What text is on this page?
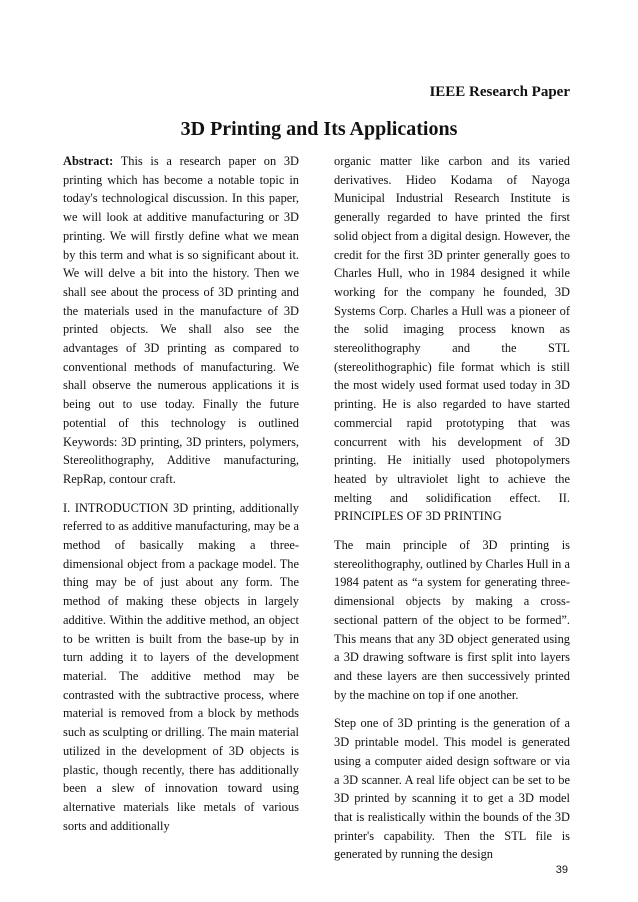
IEEE Research Paper
3D Printing and Its Applications

Abstract: This is a research paper on 3D printing which has become a notable topic in today's technological discussion. In this paper, we will look at additive manufacturing or 3D printing. We will firstly define what we mean by this term and what is so significant about it. We will delve a bit into the history. Then we shall see about the process of 3D printing and the materials used in the manufacture of 3D printed objects. We shall also see the advantages of 3D printing as compared to conventional methods of manufacturing. We shall observe the numerous applications it is being out to use today. Finally the future potential of this technology is outlined Keywords: 3D printing, 3D printers, polymers, Stereolithography, Additive manufacturing, RepRap, contour craft.

I. INTRODUCTION 3D printing, additionally referred to as additive manufacturing, may be a method of basically making a three-dimensional object from a package model. The thing may be of just about any form. The method of making these objects in largely additive. Within the additive method, an object to be written is built from the base-up by in turn adding it to layers of the development material. The additive method may be contrasted with the subtractive process, where material is removed from a block by methods such as sculpting or drilling. The main material utilized in the development of 3D objects is plastic, though recently, there has additionally been a slew of innovation toward using alternative materials like metals of various sorts and additionally

organic matter like carbon and its varied derivatives. Hideo Kodama of Nayoga Municipal Industrial Research Institute is generally regarded to have printed the first solid object from a digital design. However, the credit for the first 3D printer generally goes to Charles Hull, who in 1984 designed it while working for the company he founded, 3D Systems Corp. Charles a Hull was a pioneer of the solid imaging process known as stereolithography and the STL (stereolithographic) file format which is still the most widely used format used today in 3D printing. He is also regarded to have started commercial rapid prototyping that was concurrent with his development of 3D printing. He initially used photopolymers heated by ultraviolet light to achieve the melting and solidification effect. II. PRINCIPLES OF 3D PRINTING

The main principle of 3D printing is stereolithography, outlined by Charles Hull in a 1984 patent as “a system for generating three-dimensional objects by making a cross-sectional pattern of the object to be formed”. This means that any 3D object generated using a 3D drawing software is first split into layers and these layers are then successively printed by the machine on top if one another.

Step one of 3D printing is the generation of a 3D printable model. This model is generated using a computer aided design software or via a 3D scanner. A real life object can be set to be 3D printed by scanning it to get a 3D model that is realistically within the bounds of the 3D printer's capability. Then the STL file is generated by running the design

39
